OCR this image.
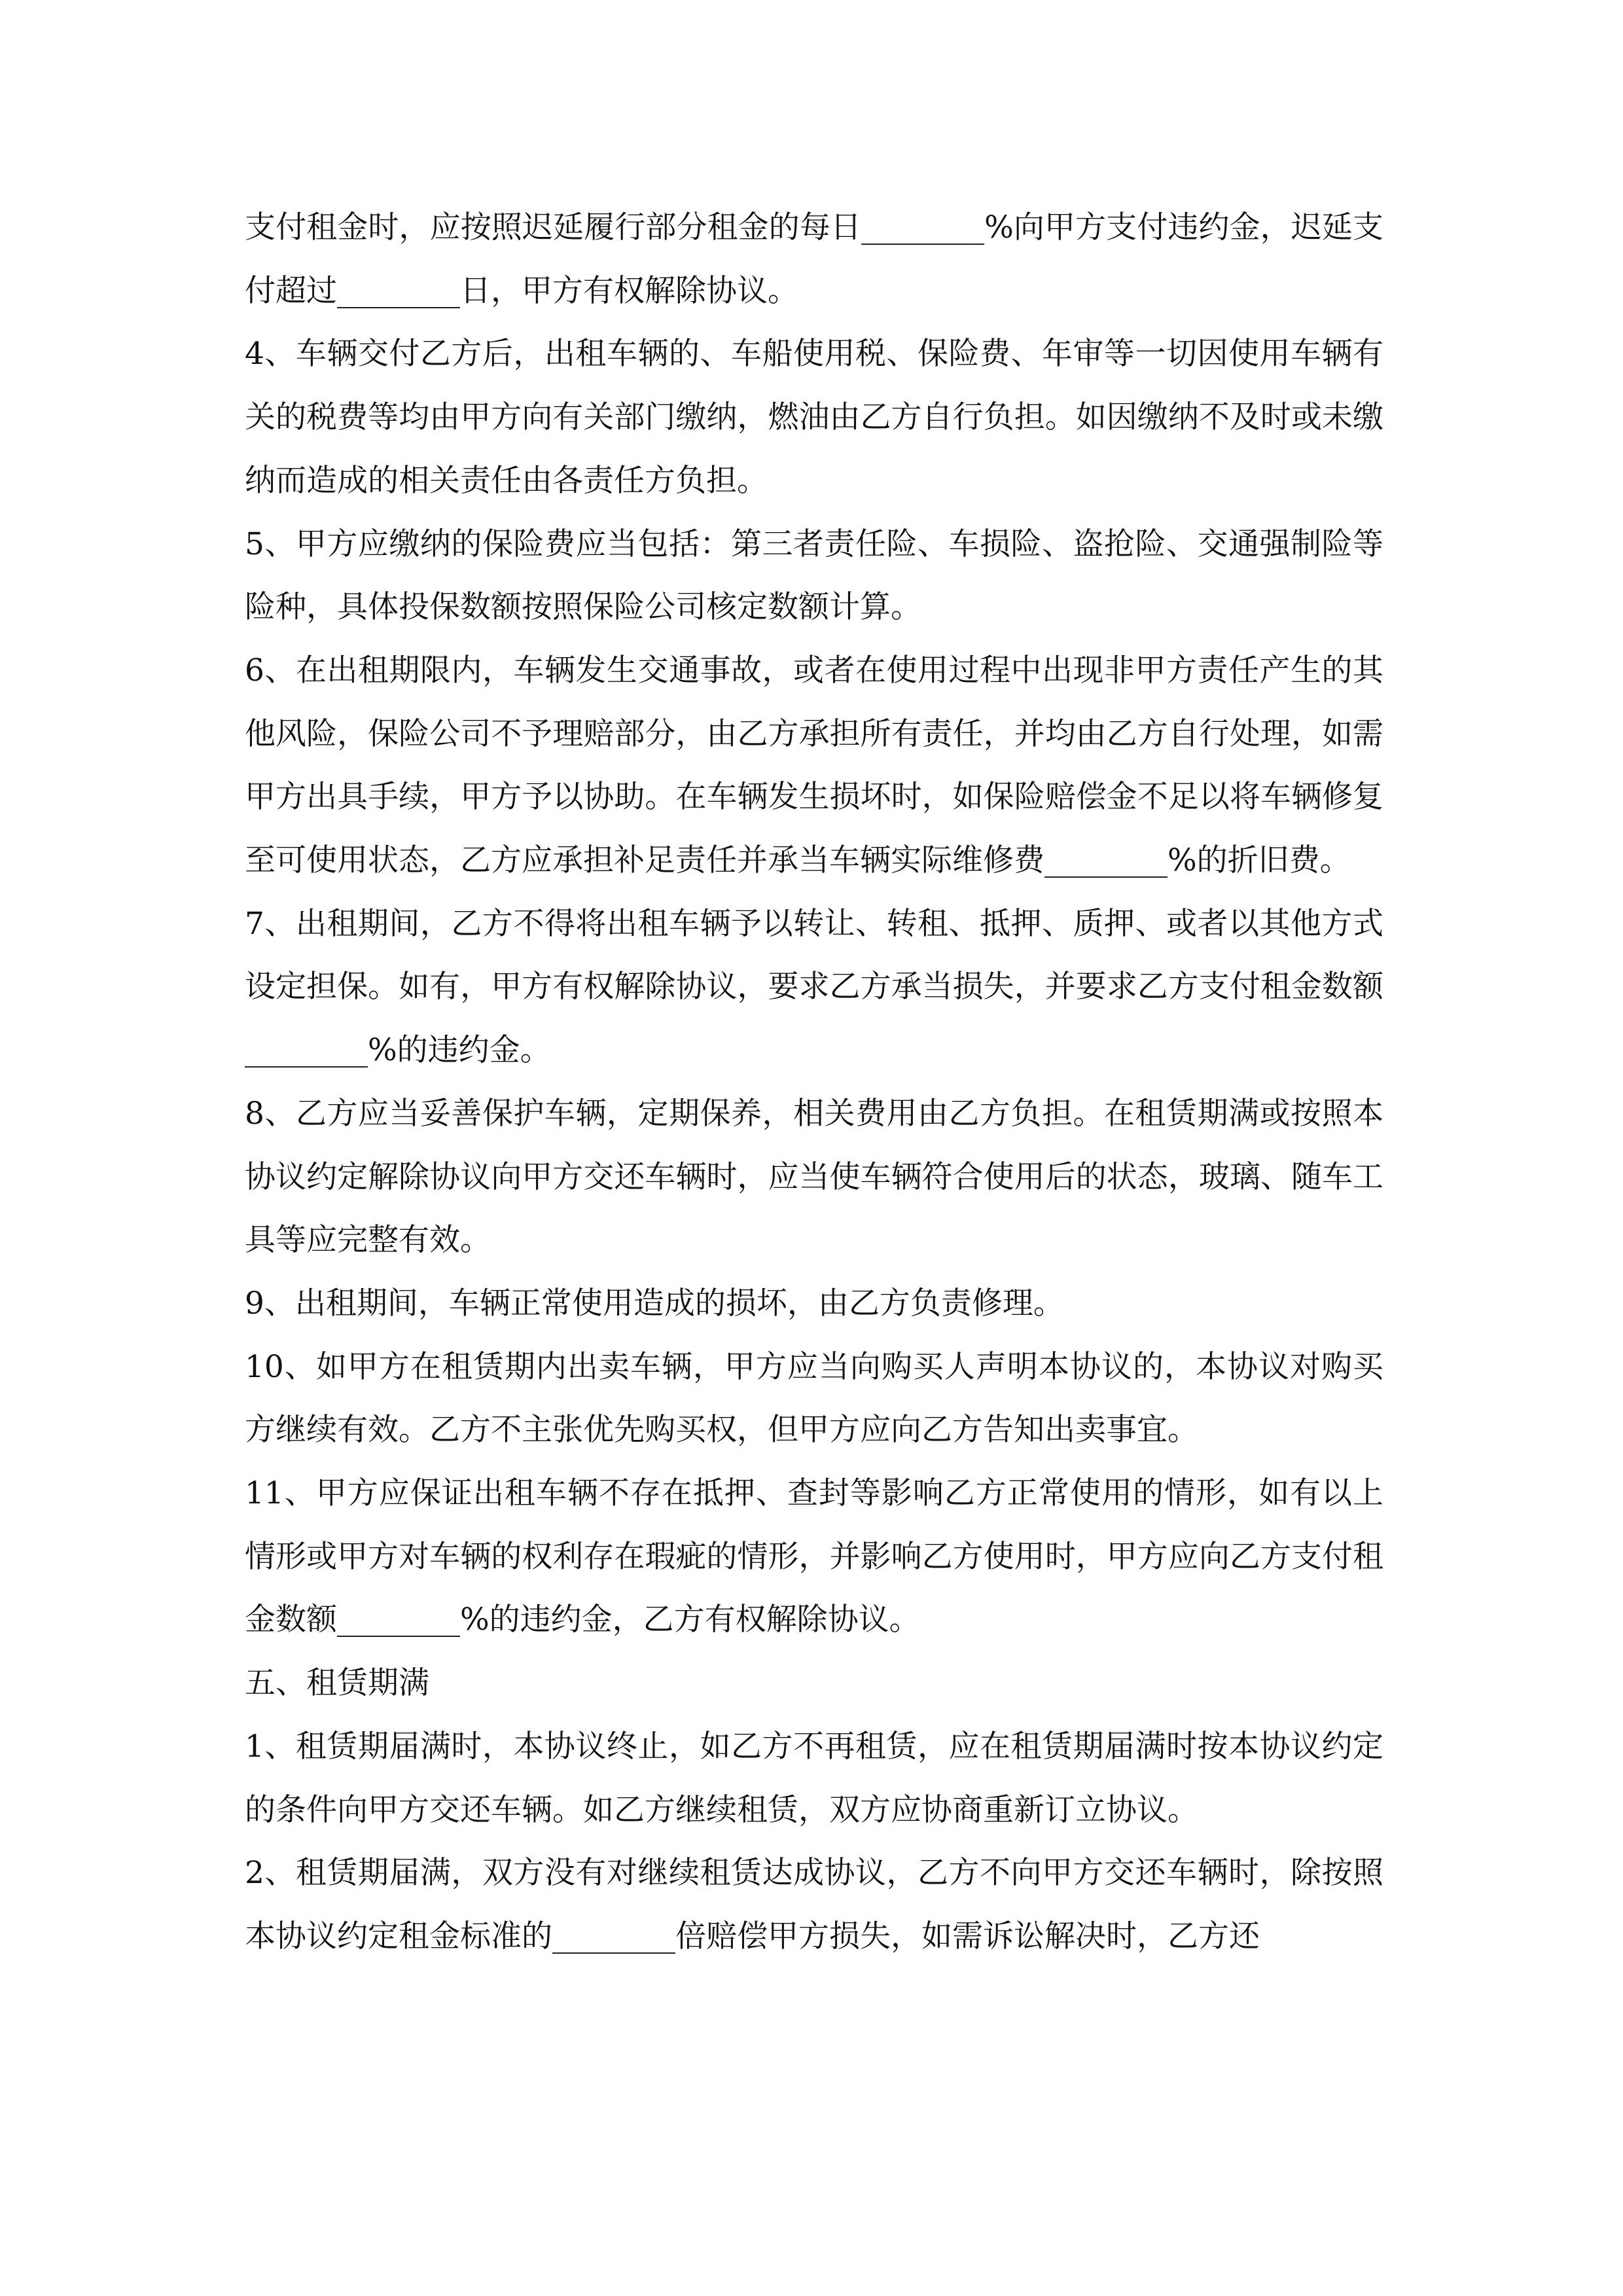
支付租金时，应按照迟延履行部分租金的每日________%向甲方支付违约金，迟延支付超过________日，甲方有权解除协议。

4、车辆交付乙方后，出租车辆的、车船使用税、保险费、年审等一切因使用车辆有关的税费等均由甲方向有关部门缴纳，燃油由乙方自行负担。如因缴纳不及时或未缴纳而造成的相关责任由各责任方负担。

5、甲方应缴纳的保险费应当包括：第三者责任险、车损险、盗抢险、交通强制险等险种，具体投保数额按照保险公司核定数额计算。

6、在出租期限内，车辆发生交通事故，或者在使用过程中出现非甲方责任产生的其他风险，保险公司不予理赔部分，由乙方承担所有责任，并均由乙方自行处理，如需甲方出具手续，甲方予以协助。在车辆发生损坏时，如保险赔偿金不足以将车辆修复至可使用状态，乙方应承担补足责任并承当车辆实际维修费________%的折旧费。

7、出租期间，乙方不得将出租车辆予以转让、转租、抵押、质押、或者以其他方式设定担保。如有，甲方有权解除协议，要求乙方承当损失，并要求乙方支付租金数额________%的违约金。

8、乙方应当妥善保护车辆，定期保养，相关费用由乙方负担。在租赁期满或按照本协议约定解除协议向甲方交还车辆时，应当使车辆符合使用后的状态，玻璃、随车工具等应完整有效。

9、出租期间，车辆正常使用造成的损坏，由乙方负责修理。

10、如甲方在租赁期内出卖车辆，甲方应当向购买人声明本协议的，本协议对购买方继续有效。乙方不主张优先购买权，但甲方应向乙方告知出卖事宜。

11、甲方应保证出租车辆不存在抵押、查封等影响乙方正常使用的情形，如有以上情形或甲方对车辆的权利存在瑕疵的情形，并影响乙方使用时，甲方应向乙方支付租金数额________%的违约金，乙方有权解除协议。

五、租赁期满

1、租赁期届满时，本协议终止，如乙方不再租赁，应在租赁期届满时按本协议约定的条件向甲方交还车辆。如乙方继续租赁，双方应协商重新订立协议。

2、租赁期届满，双方没有对继续租赁达成协议，乙方不向甲方交还车辆时，除按照本协议约定租金标准的________倍赔偿甲方损失，如需诉讼解决时，乙方还
